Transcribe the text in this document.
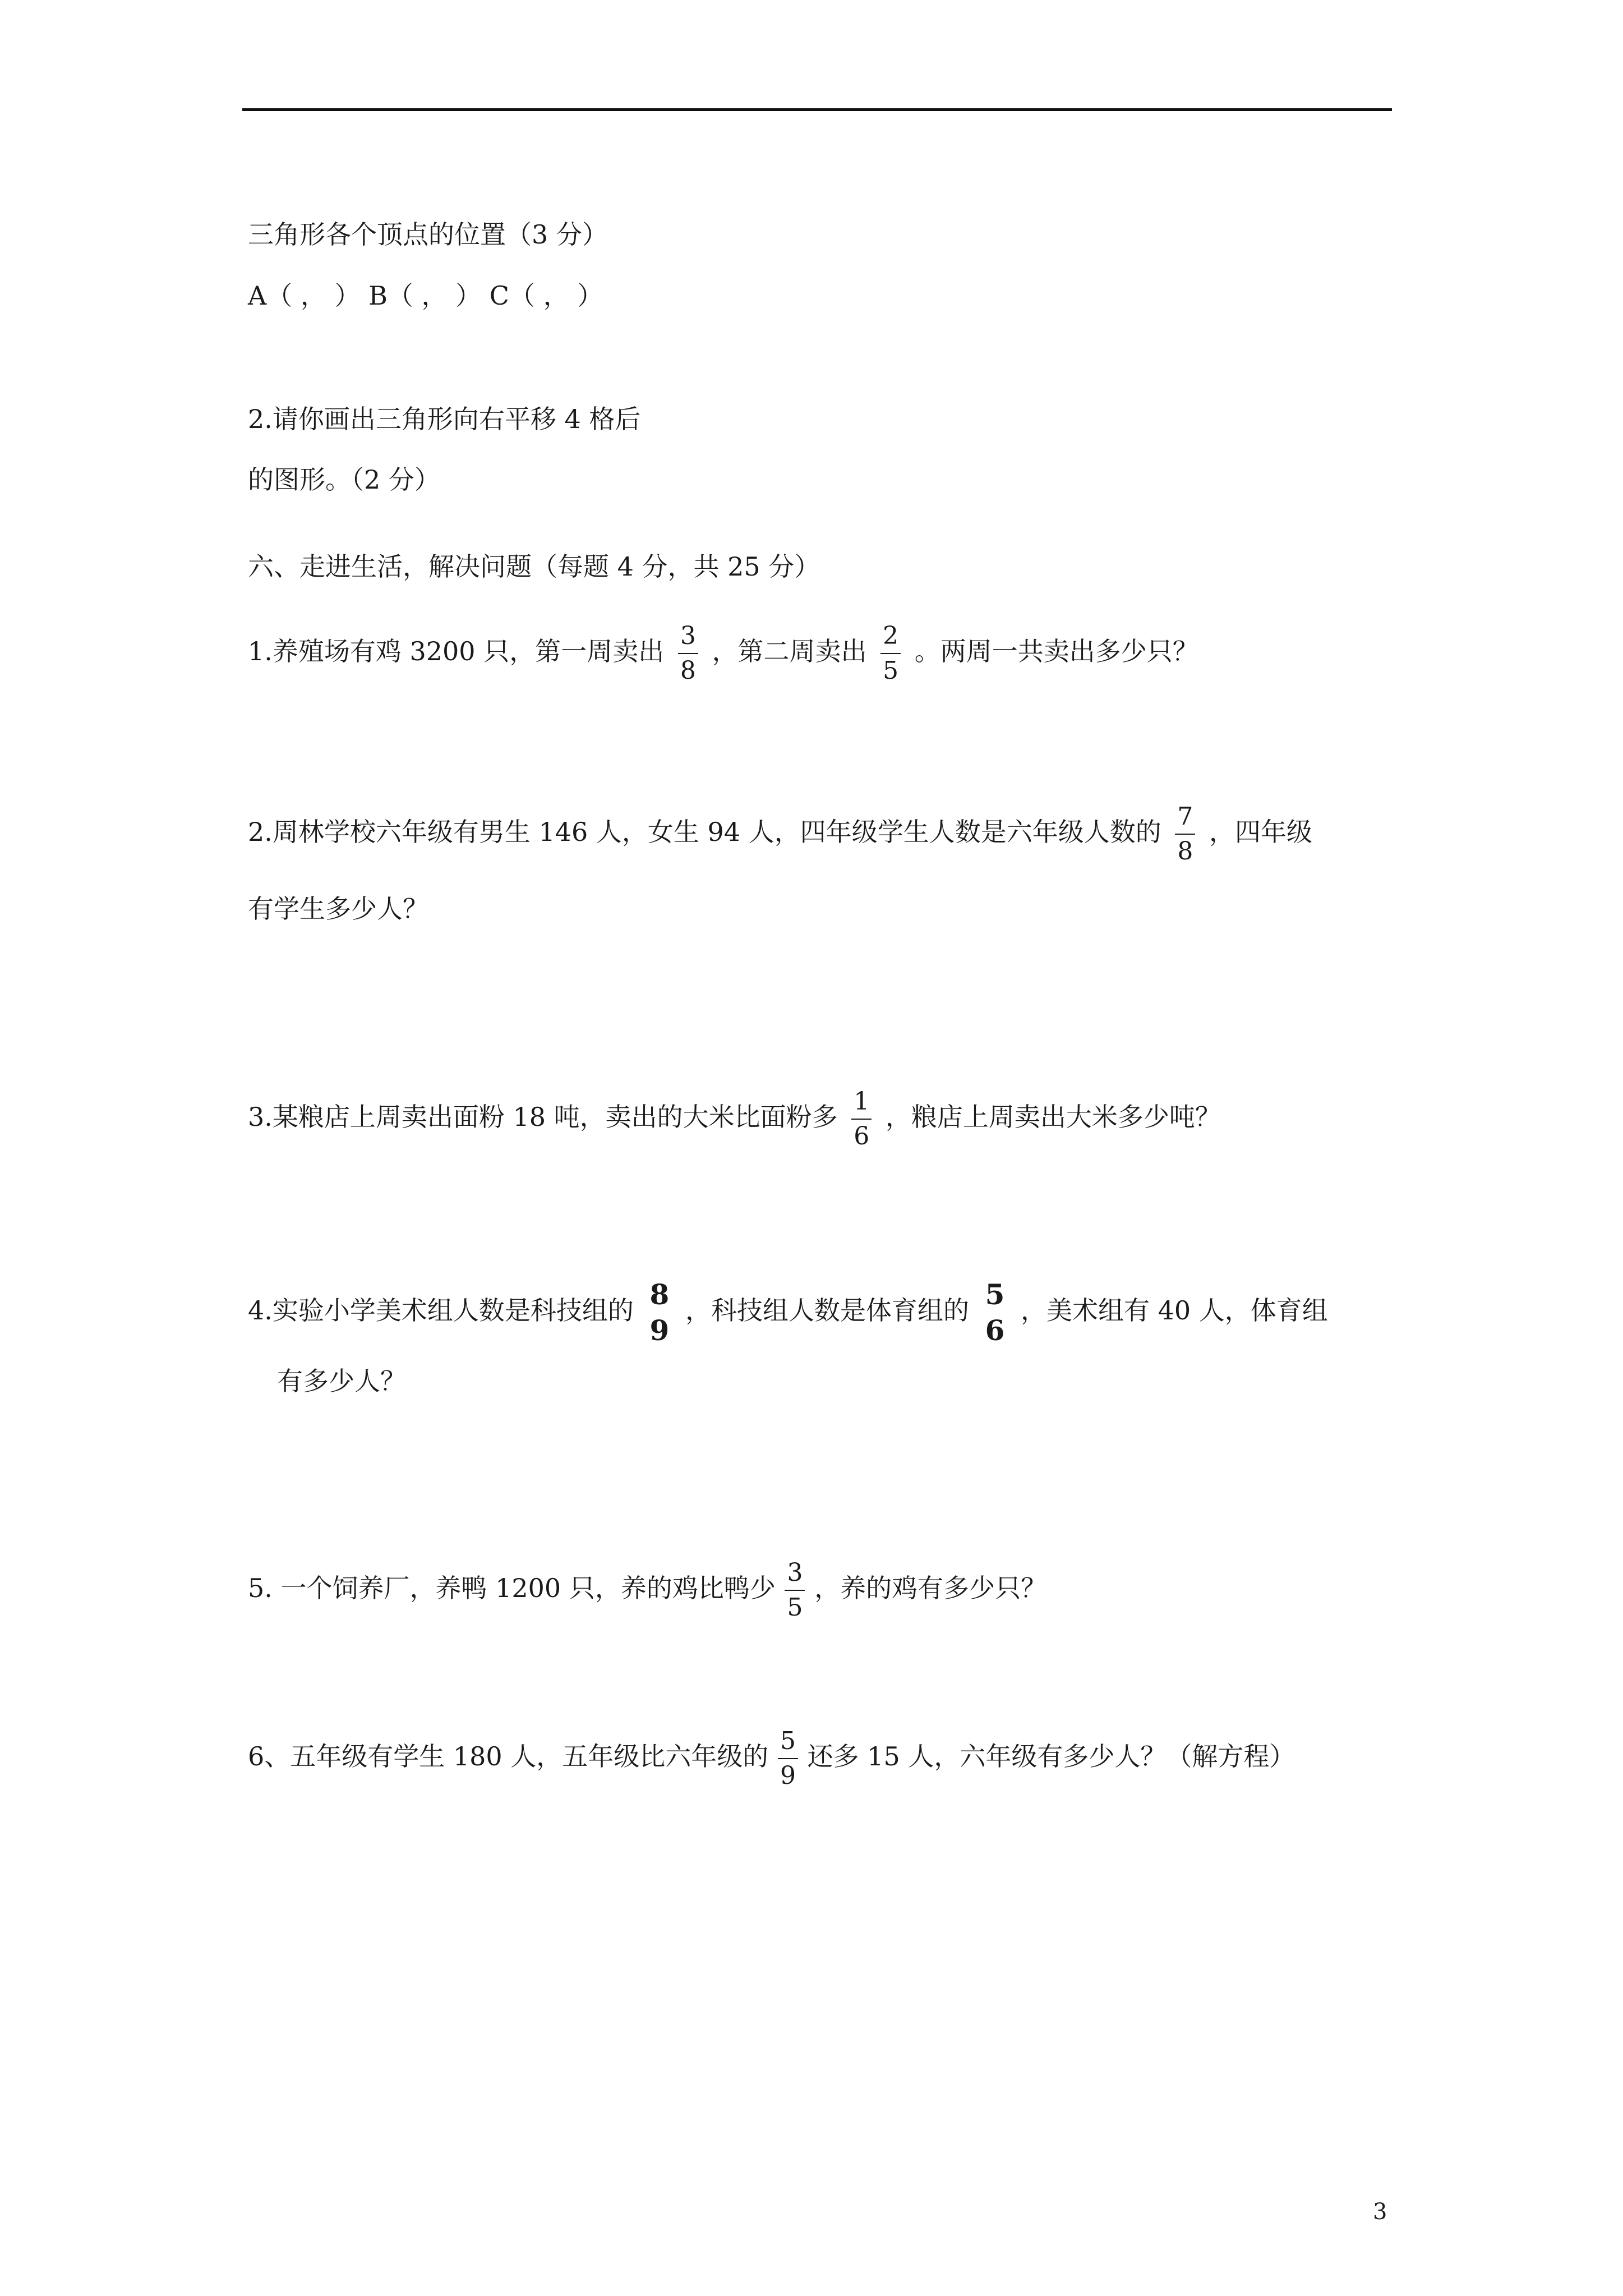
三角形各个顶点的位置（3 分）
A（ ， ） B（ ， ） C（ ， ）
2.请你画出三角形向右平移 4 格后
的图形。（2 分）
六、走进生活，解决问题（每题 4 分，共 25 分）
1.养殖场有鸡 3200 只，第一周卖出 $\frac{3}{8}$ ，第二周卖出 $\frac{2}{5}$ 。两周一共卖出多少只？
2.周林学校六年级有男生 146 人，女生 94 人，四年级学生人数是六年级人数的 $\frac{7}{8}$ ，四年级
有学生多少人？
3.某粮店上周卖出面粉 18 吨，卖出的大米比面粉多 $\frac{1}{6}$ ，粮店上周卖出大米多少吨？
4.实验小学美术组人数是科技组的 8
9
，科技组人数是体育组的 5
6
，美术组有 40 人，体育组
有多少人？
5. 一个饲养厂，养鸭 1200 只，养的鸡比鸭少 $\frac{3}{5}$ ，养的鸡有多少只？
6、五年级有学生 180 人，五年级比六年级的 $\frac{5}{9}$ 还多 15 人，六年级有多少人？（解方程）
3
